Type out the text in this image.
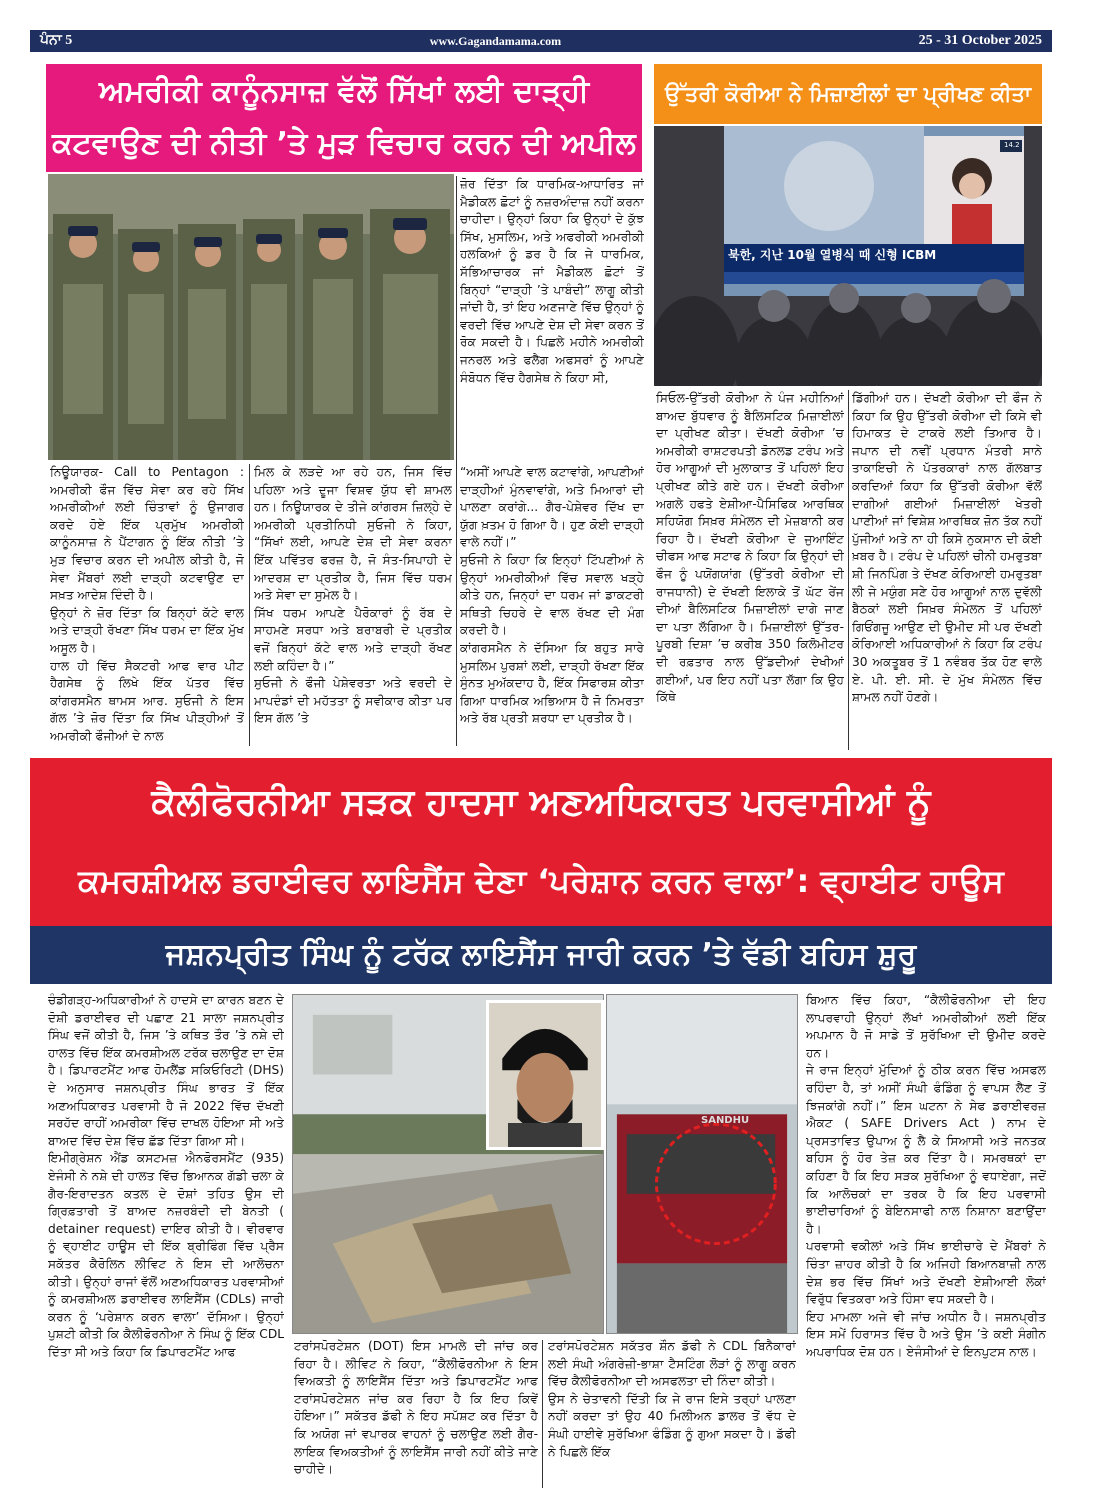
ਪੰਨਾ 5	www.Gagandamama.com	25 - 31 October 2025
ਅਮਰੀਕੀ ਕਾਨੂੰਨਸਾਜ਼ ਵੱਲੋਂ ਸਿੱਖਾਂ ਲਈ ਦਾੜ੍ਹੀ
ਕਟਵਾਉਣ ਦੀ ਨੀਤੀ ’ਤੇ ਮੁੜ ਵਿਚਾਰ ਕਰਨ ਦੀ ਅਪੀਲ

ਜ਼ੋਰ ਦਿੱਤਾ ਕਿ ਧਾਰਮਿਕ-ਆਧਾਰਿਤ ਜਾਂ ਮੈਡੀਕਲ ਛੋਟਾਂ ਨੂੰ ਨਜ਼ਰਅੰਦਾਜ਼ ਨਹੀਂ ਕਰਨਾ ਚਾਹੀਦਾ। ਉਨ੍ਹਾਂ ਕਿਹਾ ਕਿ ਉਨ੍ਹਾਂ ਦੇ ਕੁੱਝ ਸਿੱਖ, ਮੁਸਲਿਮ, ਅਤੇ ਅਫਰੀਕੀ ਅਮਰੀਕੀ ਹਲਕਿਆਂ ਨੂੰ ਡਰ ਹੈ ਕਿ ਜੇ ਧਾਰਮਿਕ, ਸੱਭਿਆਚਾਰਕ ਜਾਂ ਮੈਡੀਕਲ ਛੋਟਾਂ ਤੋਂ ਬਿਨ੍ਹਾਂ “ਦਾੜ੍ਹੀ ’ਤੇ ਪਾਬੰਦੀ” ਲਾਗੂ ਕੀਤੀ ਜਾਂਦੀ ਹੈ, ਤਾਂ ਇਹ ਅਣਜਾਣੇ ਵਿੱਚ ਉਨ੍ਹਾਂ ਨੂੰ ਵਰਦੀ ਵਿੱਚ ਆਪਣੇ ਦੇਸ਼ ਦੀ ਸੇਵਾ ਕਰਨ ਤੋਂ ਰੋਕ ਸਕਦੀ ਹੈ। ਪਿਛਲੇ ਮਹੀਨੇ ਅਮਰੀਕੀ ਜਨਰਲ ਅਤੇ ਫਲੈਗ ਅਫਸਰਾਂ ਨੂੰ ਆਪਣੇ ਸੰਬੋਧਨ ਵਿੱਚ ਹੈਗਸੇਥ ਨੇ ਕਿਹਾ ਸੀ,

ਨਿਊਯਾਰਕ- Call to Pentagon : ਅਮਰੀਕੀ ਫੌਜ ਵਿੱਚ ਸੇਵਾ ਕਰ ਰਹੇ ਸਿੱਖ ਅਮਰੀਕੀਆਂ ਲਈ ਚਿੰਤਾਵਾਂ ਨੂੰ ਉਜਾਗਰ ਕਰਦੇ ਹੋਏ ਇੱਕ ਪ੍ਰਮੁੱਖ ਅਮਰੀਕੀ ਕਾਨੂੰਨਸਾਜ਼ ਨੇ ਪੈਂਟਾਗਨ ਨੂੰ ਇੱਕ ਨੀਤੀ ’ਤੇ ਮੁੜ ਵਿਚਾਰ ਕਰਨ ਦੀ ਅਪੀਲ ਕੀਤੀ ਹੈ, ਜੋ ਸੇਵਾ ਮੈਂਬਰਾਂ ਲਈ ਦਾੜ੍ਹੀ ਕਟਵਾਉਣ ਦਾ ਸਖ਼ਤ ਆਦੇਸ਼ ਦਿੰਦੀ ਹੈ।
ਉਨ੍ਹਾਂ ਨੇ ਜ਼ੋਰ ਦਿੱਤਾ ਕਿ ਬਿਨ੍ਹਾਂ ਕੱਟੇ ਵਾਲ ਅਤੇ ਦਾੜ੍ਹੀ ਰੱਖਣਾ ਸਿੱਖ ਧਰਮ ਦਾ ਇੱਕ ਮੁੱਖ ਅਸੂਲ ਹੈ।
ਹਾਲ ਹੀ ਵਿੱਚ ਸੈਕਟਰੀ ਆਫ ਵਾਰ ਪੀਟ ਹੈਗਸੇਥ ਨੂੰ ਲਿਖੇ ਇੱਕ ਪੱਤਰ ਵਿੱਚ ਕਾਂਗਰਸਮੈਨ ਥਾਮਸ ਆਰ. ਸੁਓਜੀ ਨੇ ਇਸ ਗੱਲ ’ਤੇ ਜ਼ੋਰ ਦਿੱਤਾ ਕਿ ਸਿੱਖ ਪੀੜ੍ਹੀਆਂ ਤੋਂ ਅਮਰੀਕੀ ਫੌਜੀਆਂ ਦੇ ਨਾਲ

ਮਿਲ ਕੇ ਲੜਦੇ ਆ ਰਹੇ ਹਨ, ਜਿਸ ਵਿੱਚ ਪਹਿਲਾ ਅਤੇ ਦੂਜਾ ਵਿਸ਼ਵ ਯੁੱਧ ਵੀ ਸ਼ਾਮਲ ਹਨ। ਨਿਊਯਾਰਕ ਦੇ ਤੀਜੇ ਕਾਂਗਰਸ ਜ਼ਿਲ੍ਹੇ ਦੇ ਅਮਰੀਕੀ ਪ੍ਰਤੀਨਿਧੀ ਸੁਓਜੀ ਨੇ ਕਿਹਾ, “ਸਿੱਖਾਂ ਲਈ, ਆਪਣੇ ਦੇਸ਼ ਦੀ ਸੇਵਾ ਕਰਨਾ ਇੱਕ ਪਵਿੱਤਰ ਫਰਜ਼ ਹੈ, ਜੋ ਸੰਤ-ਸਿਪਾਹੀ ਦੇ ਆਦਰਸ਼ ਦਾ ਪ੍ਰਤੀਕ ਹੈ, ਜਿਸ ਵਿੱਚ ਧਰਮ ਅਤੇ ਸੇਵਾ ਦਾ ਸੁਮੇਲ ਹੈ।
ਸਿੱਖ ਧਰਮ ਆਪਣੇ ਪੈਰੋਕਾਰਾਂ ਨੂੰ ਰੱਬ ਦੇ ਸਾਹਮਣੇ ਸਰਧਾ ਅਤੇ ਬਰਾਬਰੀ ਦੇ ਪ੍ਰਤੀਕ ਵਜੋਂ ਬਿਨ੍ਹਾਂ ਕੱਟੇ ਵਾਲ ਅਤੇ ਦਾੜ੍ਹੀ ਰੱਖਣ ਲਈ ਕਹਿੰਦਾ ਹੈ।”
ਸੁਓਜੀ ਨੇ ਫੌਜੀ ਪੇਸ਼ੇਵਰਤਾ ਅਤੇ ਵਰਦੀ ਦੇ ਮਾਪਦੰਡਾਂ ਦੀ ਮਹੱਤਤਾ ਨੂੰ ਸਵੀਕਾਰ ਕੀਤਾ ਪਰ ਇਸ ਗੱਲ ’ਤੇ

“ਅਸੀਂ ਆਪਣੇ ਵਾਲ ਕਟਾਵਾਂਗੇ, ਆਪਣੀਆਂ ਦਾੜ੍ਹੀਆਂ ਮੁੰਨਵਾਵਾਂਗੇ, ਅਤੇ ਮਿਆਰਾਂ ਦੀ ਪਾਲਣਾ ਕਰਾਂਗੇ... ਗੈਰ-ਪੇਸ਼ੇਵਰ ਦਿੱਖ ਦਾ ਯੁੱਗ ਖ਼ਤਮ ਹੋ ਗਿਆ ਹੈ। ਹੁਣ ਕੋਈ ਦਾੜ੍ਹੀ ਵਾਲੇ ਨਹੀਂ।”
ਸੁਓਜੀ ਨੇ ਕਿਹਾ ਕਿ ਇਨ੍ਹਾਂ ਟਿੱਪਣੀਆਂ ਨੇ ਉਨ੍ਹਾਂ ਅਮਰੀਕੀਆਂ ਵਿੱਚ ਸਵਾਲ ਖੜ੍ਹੇ ਕੀਤੇ ਹਨ, ਜਿਨ੍ਹਾਂ ਦਾ ਧਰਮ ਜਾਂ ਡਾਕਟਰੀ ਸਥਿਤੀ ਚਿਹਰੇ ਦੇ ਵਾਲ ਰੱਖਣ ਦੀ ਮੰਗ ਕਰਦੀ ਹੈ।
ਕਾਂਗਰਸਮੈਨ ਨੇ ਦੱਸਿਆ ਕਿ ਬਹੁਤ ਸਾਰੇ ਮੁਸਲਿਮ ਪੁਰਸ਼ਾਂ ਲਈ, ਦਾੜ੍ਹੀ ਰੱਖਣਾ ਇੱਕ ਸੁੰਨਤ ਮੁਅੱਕਦਾਹ ਹੈ, ਇੱਕ ਸਿਫਾਰਸ਼ ਕੀਤਾ ਗਿਆ ਧਾਰਮਿਕ ਅਭਿਆਸ ਹੈ ਜੋ ਨਿਮਰਤਾ ਅਤੇ ਰੱਬ ਪ੍ਰਤੀ ਸ਼ਰਧਾ ਦਾ ਪ੍ਰਤੀਕ ਹੈ।

ਉੱਤਰੀ ਕੋਰੀਆ ਨੇ ਮਿਜ਼ਾਈਲਾਂ ਦਾ ਪ੍ਰੀਖਣ ਕੀਤਾ
북한, 지난 10월 열병식 때 신형 ICBM
14.2

ਸਿਓਲ-ਉੱਤਰੀ ਕੋਰੀਆ ਨੇ ਪੰਜ ਮਹੀਨਿਆਂ ਬਾਅਦ ਬੁੱਧਵਾਰ ਨੂੰ ਬੈਲਿਸਟਿਕ ਮਿਜ਼ਾਈਲਾਂ ਦਾ ਪ੍ਰੀਖਣ ਕੀਤਾ। ਦੱਖਣੀ ਕੋਰੀਆ ’ਚ ਅਮਰੀਕੀ ਰਾਸ਼ਟਰਪਤੀ ਡੋਨਲਡ ਟਰੰਪ ਅਤੇ ਹੋਰ ਆਗੂਆਂ ਦੀ ਮੁਲਾਕਾਤ ਤੋਂ ਪਹਿਲਾਂ ਇਹ ਪ੍ਰੀਖਣ ਕੀਤੇ ਗਏ ਹਨ। ਦੱਖਣੀ ਕੋਰੀਆ ਅਗਲੇ ਹਫਤੇ ਏਸ਼ੀਆ-ਪੈਸਿਫਿਕ ਆਰਥਿਕ ਸਹਿਯੋਗ ਸਿਖ਼ਰ ਸੰਮੇਲਨ ਦੀ ਮੇਜ਼ਬਾਨੀ ਕਰ ਰਿਹਾ ਹੈ। ਦੱਖਣੀ ਕੋਰੀਆ ਦੇ ਜੁਆਇੰਟ ਚੀਫਸ ਆਫ ਸਟਾਫ ਨੇ ਕਿਹਾ ਕਿ ਉਨ੍ਹਾਂ ਦੀ ਫੌਜ ਨੂੰ ਪਯੋਂਗਯਾਂਗ (ਉੱਤਰੀ ਕੋਰੀਆ ਦੀ ਰਾਜਧਾਨੀ) ਦੇ ਦੱਖਣੀ ਇਲਾਕੇ ਤੋਂ ਘੱਟ ਰੇਂਜ ਦੀਆਂ ਬੈਲਿਸਟਿਕ ਮਿਜ਼ਾਈਲਾਂ ਦਾਗੇ ਜਾਣ ਦਾ ਪਤਾ ਲੱਗਿਆ ਹੈ। ਮਿਜ਼ਾਈਲਾਂ ਉੱਤਰ-ਪੂਰਬੀ ਦਿਸ਼ਾ ’ਚ ਕਰੀਬ 350 ਕਿਲੋਮੀਟਰ ਦੀ ਰਫ਼ਤਾਰ ਨਾਲ ਉੱਡਦੀਆਂ ਦੇਖੀਆਂ ਗਈਆਂ, ਪਰ ਇਹ ਨਹੀਂ ਪਤਾ ਲੱਗਾ ਕਿ ਉਹ ਕਿੱਥੇ

ਡਿੱਗੀਆਂ ਹਨ। ਦੱਖਣੀ ਕੋਰੀਆ ਦੀ ਫੌਜ ਨੇ ਕਿਹਾ ਕਿ ਉਹ ਉੱਤਰੀ ਕੋਰੀਆ ਦੀ ਕਿਸੇ ਵੀ ਹਿਮਾਕਤ ਦੇ ਟਾਕਰੇ ਲਈ ਤਿਆਰ ਹੈ। ਜਪਾਨ ਦੀ ਨਵੀਂ ਪ੍ਰਧਾਨ ਮੰਤਰੀ ਸਾਨੇ ਤਾਕਾਇਚੀ ਨੇ ਪੱਤਰਕਾਰਾਂ ਨਾਲ ਗੱਲਬਾਤ ਕਰਦਿਆਂ ਕਿਹਾ ਕਿ ਉੱਤਰੀ ਕੋਰੀਆ ਵੱਲੋਂ ਦਾਗੀਆਂ ਗਈਆਂ ਮਿਜ਼ਾਈਲਾਂ ਖੇਤਰੀ ਪਾਣੀਆਂ ਜਾਂ ਵਿਸ਼ੇਸ਼ ਆਰਥਿਕ ਜ਼ੋਨ ਤੱਕ ਨਹੀਂ ਪੁੱਜੀਆਂ ਅਤੇ ਨਾ ਹੀ ਕਿਸੇ ਨੁਕਸਾਨ ਦੀ ਕੋਈ ਖ਼ਬਰ ਹੈ। ਟਰੰਪ ਦੇ ਪਹਿਲਾਂ ਚੀਨੀ ਹਮਰੁਤਬਾ ਸ਼ੀ ਜਿਨਪਿੰਗ ਤੇ ਦੱਖਣ ਕੋਰਿਆਈ ਹਮਰੁਤਬਾ ਲੀ ਜੇ ਮਯੁੰਗ ਸਣੇ ਹੋਰ ਆਗੂਆਂ ਨਾਲ ਦੁਵੱਲੀ ਬੈਠਕਾਂ ਲਈ ਸਿਖ਼ਰ ਸੰਮੇਲਨ ਤੋਂ ਪਹਿਲਾਂ ਗਿਓਂਗਜੂ ਆਉਣ ਦੀ ਉਮੀਦ ਸੀ ਪਰ ਦੱਖਣੀ ਕੋਰਿਆਈ ਅਧਿਕਾਰੀਆਂ ਨੇ ਕਿਹਾ ਕਿ ਟਰੰਪ 30 ਅਕਤੂਬਰ ਤੋਂ 1 ਨਵੰਬਰ ਤੱਕ ਹੋਣ ਵਾਲੇ ਏ. ਪੀ. ਈ. ਸੀ. ਦੇ ਮੁੱਖ ਸੰਮੇਲਨ ਵਿੱਚ ਸ਼ਾਮਲ ਨਹੀਂ ਹੋਣਗੇ।

ਕੈਲੀਫੋਰਨੀਆ ਸੜਕ ਹਾਦਸਾ ਅਣਅਧਿਕਾਰਤ ਪਰਵਾਸੀਆਂ ਨੂੰ
ਕਮਰਸ਼ੀਅਲ ਡਰਾਈਵਰ ਲਾਇਸੈਂਸ ਦੇਣਾ ‘ਪਰੇਸ਼ਾਨ ਕਰਨ ਵਾਲਾ’: ਵ੍ਹਾਈਟ ਹਾਊਸ
ਜਸ਼ਨਪ੍ਰੀਤ ਸਿੰਘ ਨੂੰ ਟਰੱਕ ਲਾਇਸੈਂਸ ਜਾਰੀ ਕਰਨ ’ਤੇ ਵੱਡੀ ਬਹਿਸ ਸ਼ੁਰੂ

ਚੰਡੀਗੜ੍ਹ-ਅਧਿਕਾਰੀਆਂ ਨੇ ਹਾਦਸੇ ਦਾ ਕਾਰਨ ਬਣਨ ਦੇ ਦੋਸ਼ੀ ਡਰਾਈਵਰ ਦੀ ਪਛਾਣ 21 ਸਾਲਾ ਜਸ਼ਨਪ੍ਰੀਤ ਸਿੰਘ ਵਜੋਂ ਕੀਤੀ ਹੈ, ਜਿਸ ’ਤੇ ਕਥਿਤ ਤੌਰ ’ਤੇ ਨਸ਼ੇ ਦੀ ਹਾਲਤ ਵਿੱਚ ਇੱਕ ਕਮਰਸ਼ੀਅਲ ਟਰੱਕ ਚਲਾਉਣ ਦਾ ਦੋਸ਼ ਹੈ। ਡਿਪਾਰਟਮੈਂਟ ਆਫ ਹੋਮਲੈਂਡ ਸਕਿਓਰਿਟੀ (DHS) ਦੇ ਅਨੁਸਾਰ ਜਸ਼ਨਪ੍ਰੀਤ ਸਿੰਘ ਭਾਰਤ ਤੋਂ ਇੱਕ ਅਣਅਧਿਕਾਰਤ ਪਰਵਾਸੀ ਹੈ ਜੋ 2022 ਵਿੱਚ ਦੱਖਣੀ ਸਰਹੱਦ ਰਾਹੀਂ ਅਮਰੀਕਾ ਵਿੱਚ ਦਾਖਲ ਹੋਇਆ ਸੀ ਅਤੇ ਬਾਅਦ ਵਿੱਚ ਦੇਸ਼ ਵਿੱਚ ਛੱਡ ਦਿੱਤਾ ਗਿਆ ਸੀ।
ਇਮੀਗ੍ਰੇਸ਼ਨ ਐਂਡ ਕਸਟਮਜ਼ ਐਨਫੋਰਸਮੈਂਟ (935) ਏਜੰਸੀ ਨੇ ਨਸ਼ੇ ਦੀ ਹਾਲਤ ਵਿੱਚ ਭਿਆਨਕ ਗੱਡੀ ਚਲਾ ਕੇ ਗੈਰ-ਇਰਾਦਤਨ ਕਤਲ ਦੇ ਦੋਸ਼ਾਂ ਤਹਿਤ ਉਸ ਦੀ ਗ੍ਰਿਫ਼ਤਾਰੀ ਤੋਂ ਬਾਅਦ ਨਜ਼ਰਬੰਦੀ ਦੀ ਬੇਨਤੀ ( detainer request) ਦਾਇਰ ਕੀਤੀ ਹੈ। ਵੀਰਵਾਰ ਨੂੰ ਵ੍ਹਾਈਟ ਹਾਊਸ ਦੀ ਇੱਕ ਬ੍ਰੀਫਿੰਗ ਵਿੱਚ ਪ੍ਰੈਸ ਸਕੱਤਰ ਕੈਰੋਲਿਨ ਲੀਵਿਟ ਨੇ ਇਸ ਦੀ ਆਲੋਚਨਾ ਕੀਤੀ। ਉਨ੍ਹਾਂ ਰਾਜਾਂ ਵੱਲੋਂ ਅਣਅਧਿਕਾਰਤ ਪਰਵਾਸੀਆਂ ਨੂੰ ਕਮਰਸ਼ੀਅਲ ਡਰਾਈਵਰ ਲਾਇਸੈਂਸ (CDLs) ਜਾਰੀ ਕਰਨ ਨੂੰ ‘ਪਰੇਸ਼ਾਨ ਕਰਨ ਵਾਲਾ’ ਦੱਸਿਆ। ਉਨ੍ਹਾਂ ਪੁਸ਼ਟੀ ਕੀਤੀ ਕਿ ਕੈਲੀਫੋਰਨੀਆ ਨੇ ਸਿੰਘ ਨੂੰ ਇੱਕ CDL ਦਿੱਤਾ ਸੀ ਅਤੇ ਕਿਹਾ ਕਿ ਡਿਪਾਰਟਮੈਂਟ ਆਫ

SANDHU

ਟਰਾਂਸਪੋਰਟੇਸ਼ਨ (DOT) ਇਸ ਮਾਮਲੇ ਦੀ ਜਾਂਚ ਕਰ ਰਿਹਾ ਹੈ। ਲੀਵਿਟ ਨੇ ਕਿਹਾ, “ਕੈਲੀਫੋਰਨੀਆ ਨੇ ਇਸ ਵਿਅਕਤੀ ਨੂੰ ਲਾਇਸੈਂਸ ਦਿੱਤਾ ਅਤੇ ਡਿਪਾਰਟਮੈਂਟ ਆਫ ਟਰਾਂਸਪੋਰਟੇਸ਼ਨ ਜਾਂਚ ਕਰ ਰਿਹਾ ਹੈ ਕਿ ਇਹ ਕਿਵੇਂ ਹੋਇਆ।” ਸਕੱਤਰ ਡੱਫੀ ਨੇ ਇਹ ਸਪੱਸ਼ਟ ਕਰ ਦਿੱਤਾ ਹੈ ਕਿ ਅਯੋਗ ਜਾਂ ਵਪਾਰਕ ਵਾਹਨਾਂ ਨੂੰ ਚਲਾਉਣ ਲਈ ਗੈਰ-ਲਾਇਕ ਵਿਅਕਤੀਆਂ ਨੂੰ ਲਾਇਸੈਂਸ ਜਾਰੀ ਨਹੀਂ ਕੀਤੇ ਜਾਣੇ ਚਾਹੀਦੇ।

ਟਰਾਂਸਪੋਰਟੇਸ਼ਨ ਸਕੱਤਰ ਸ਼ੌਨ ਡੱਫੀ ਨੇ CDL ਬਿਨੈਕਾਰਾਂ ਲਈ ਸੰਘੀ ਅੰਗਰੇਜ਼ੀ-ਭਾਸ਼ਾ ਟੈਸਟਿੰਗ ਲੋੜਾਂ ਨੂੰ ਲਾਗੂ ਕਰਨ ਵਿੱਚ ਕੈਲੀਫੋਰਨੀਆ ਦੀ ਅਸਫਲਤਾ ਦੀ ਨਿੰਦਾ ਕੀਤੀ।
ਉਸ ਨੇ ਚੇਤਾਵਨੀ ਦਿੱਤੀ ਕਿ ਜੇ ਰਾਜ ਇਸੇ ਤਰ੍ਹਾਂ ਪਾਲਣਾ ਨਹੀਂ ਕਰਦਾ ਤਾਂ ਉਹ 40 ਮਿਲੀਅਨ ਡਾਲਰ ਤੋਂ ਵੱਧ ਦੇ ਸੰਘੀ ਹਾਈਵੇ ਸੁਰੱਖਿਆ ਫੰਡਿੰਗ ਨੂੰ ਗੁਆ ਸਕਦਾ ਹੈ। ਡੱਫੀ ਨੇ ਪਿਛਲੇ ਇੱਕ

ਬਿਆਨ ਵਿੱਚ ਕਿਹਾ, “ਕੈਲੀਫੋਰਨੀਆ ਦੀ ਇਹ ਲਾਪਰਵਾਹੀ ਉਨ੍ਹਾਂ ਲੱਖਾਂ ਅਮਰੀਕੀਆਂ ਲਈ ਇੱਕ ਅਪਮਾਨ ਹੈ ਜੋ ਸਾਡੇ ਤੋਂ ਸੁਰੱਖਿਆ ਦੀ ਉਮੀਦ ਕਰਦੇ ਹਨ।
ਜੇ ਰਾਜ ਇਨ੍ਹਾਂ ਮੁੱਦਿਆਂ ਨੂੰ ਠੀਕ ਕਰਨ ਵਿੱਚ ਅਸਫਲ ਰਹਿੰਦਾ ਹੈ, ਤਾਂ ਅਸੀਂ ਸੰਘੀ ਫੰਡਿੰਗ ਨੂੰ ਵਾਪਸ ਲੈਣ ਤੋਂ ਝਿਜਕਾਂਗੇ ਨਹੀਂ।” ਇਸ ਘਟਨਾ ਨੇ ਸੇਫ ਡਰਾਈਵਰਜ਼ ਐਕਟ ( SAFE Drivers Act ) ਨਾਮ ਦੇ ਪ੍ਰਸਤਾਵਿਤ ਉਪਾਅ ਨੂੰ ਲੈ ਕੇ ਸਿਆਸੀ ਅਤੇ ਜਨਤਕ ਬਹਿਸ ਨੂੰ ਹੋਰ ਤੇਜ਼ ਕਰ ਦਿੱਤਾ ਹੈ। ਸਮਰਥਕਾਂ ਦਾ ਕਹਿਣਾ ਹੈ ਕਿ ਇਹ ਸੜਕ ਸੁਰੱਖਿਆ ਨੂੰ ਵਧਾਏਗਾ, ਜਦੋਂ ਕਿ ਆਲੋਚਕਾਂ ਦਾ ਤਰਕ ਹੈ ਕਿ ਇਹ ਪਰਵਾਸੀ ਭਾਈਚਾਰਿਆਂ ਨੂੰ ਬੇਇਨਸਾਫੀ ਨਾਲ ਨਿਸ਼ਾਨਾ ਬਣਾਉਂਦਾ ਹੈ।
ਪਰਵਾਸੀ ਵਕੀਲਾਂ ਅਤੇ ਸਿੱਖ ਭਾਈਚਾਰੇ ਦੇ ਮੈਂਬਰਾਂ ਨੇ ਚਿੰਤਾ ਜ਼ਾਹਰ ਕੀਤੀ ਹੈ ਕਿ ਅਜਿਹੀ ਬਿਆਨਬਾਜ਼ੀ ਨਾਲ ਦੇਸ਼ ਭਰ ਵਿੱਚ ਸਿੱਖਾਂ ਅਤੇ ਦੱਖਣੀ ਏਸ਼ੀਆਈ ਲੋਕਾਂ ਵਿਰੁੱਧ ਵਿਤਕਰਾ ਅਤੇ ਹਿੰਸਾ ਵਧ ਸਕਦੀ ਹੈ।
ਇਹ ਮਾਮਲਾ ਅਜੇ ਵੀ ਜਾਂਚ ਅਧੀਨ ਹੈ। ਜਸ਼ਨਪ੍ਰੀਤ ਇਸ ਸਮੇਂ ਹਿਰਾਸਤ ਵਿੱਚ ਹੈ ਅਤੇ ਉਸ ’ਤੇ ਕਈ ਸੰਗੀਨ ਅਪਰਾਧਿਕ ਦੋਸ਼ ਹਨ। ਏਜੰਸੀਆਂ ਦੇ ਇਨਪੁਟਸ ਨਾਲ।
